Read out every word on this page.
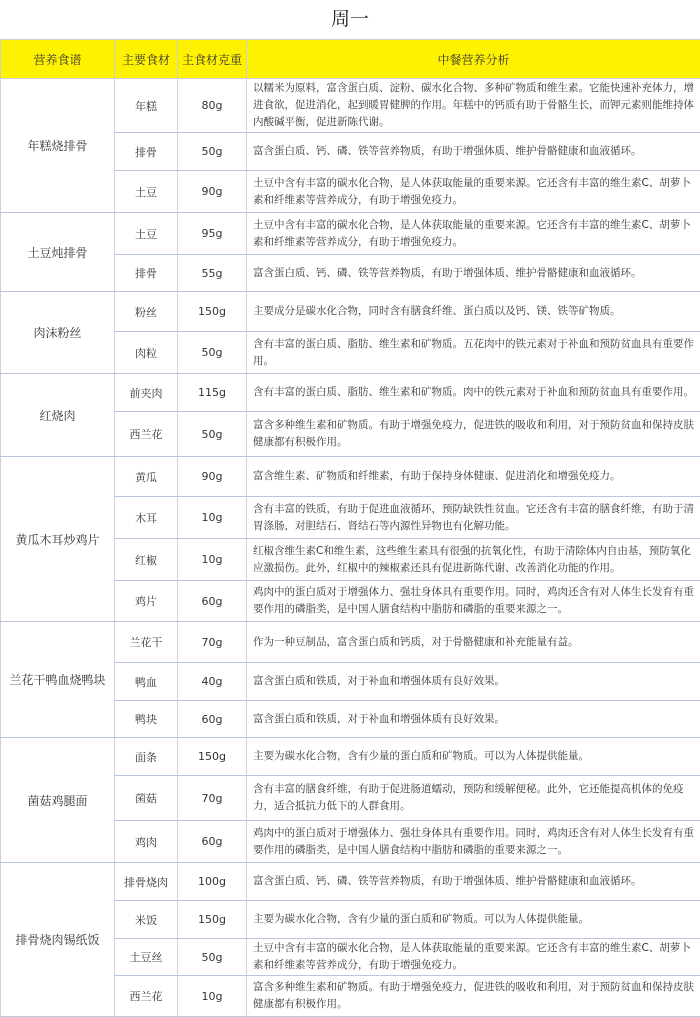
周一
营养食谱	主要食材	主食材克重	中餐营养分析
年糕烧排骨	年糕	80g	以糯米为原料，富含蛋白质、淀粉、碳水化合物、多种矿物质和维生素。它能快速补充体力，增进食欲，促进消化，起到暖胃健脾的作用。年糕中的钙质有助于骨骼生长，而钾元素则能维持体内酸碱平衡，促进新陈代谢。
	排骨	50g	富含蛋白质、钙、磷、铁等营养物质，有助于增强体质、维护骨骼健康和血液循环。
	土豆	90g	土豆中含有丰富的碳水化合物，是人体获取能量的重要来源。它还含有丰富的维生素C、胡萝卜素和纤维素等营养成分，有助于增强免疫力。
土豆炖排骨	土豆	95g	土豆中含有丰富的碳水化合物，是人体获取能量的重要来源。它还含有丰富的维生素C、胡萝卜素和纤维素等营养成分，有助于增强免疫力。
	排骨	55g	富含蛋白质、钙、磷、铁等营养物质，有助于增强体质、维护骨骼健康和血液循环。
肉沫粉丝	粉丝	150g	主要成分是碳水化合物，同时含有膳食纤维、蛋白质以及钙、镁、铁等矿物质。
	肉粒	50g	含有丰富的蛋白质、脂肪、维生素和矿物质。五花肉中的铁元素对于补血和预防贫血具有重要作用。
红烧肉	前夹肉	115g	含有丰富的蛋白质、脂肪、维生素和矿物质。肉中的铁元素对于补血和预防贫血具有重要作用。
	西兰花	50g	富含多种维生素和矿物质。有助于增强免疫力，促进铁的吸收和利用，对于预防贫血和保持皮肤健康都有积极作用。
黄瓜木耳炒鸡片	黄瓜	90g	富含维生素、矿物质和纤维素，有助于保持身体健康、促进消化和增强免疫力。
	木耳	10g	含有丰富的铁质，有助于促进血液循环，预防缺铁性贫血。它还含有丰富的膳食纤维，有助于清胃涤肠，对胆结石、肾结石等内源性异物也有化解功能。
	红椒	10g	红椒含维生素C和维生素，这些维生素具有很强的抗氧化性，有助于清除体内自由基，预防氧化应激损伤。此外，红椒中的辣椒素还具有促进新陈代谢、改善消化功能的作用。
	鸡片	60g	鸡肉中的蛋白质对于增强体力、强壮身体具有重要作用。同时，鸡肉还含有对人体生长发育有重要作用的磷脂类，是中国人膳食结构中脂肪和磷脂的重要来源之一。
兰花干鸭血烧鸭块	兰花干	70g	作为一种豆制品，富含蛋白质和钙质，对于骨骼健康和补充能量有益。
	鸭血	40g	富含蛋白质和铁质，对于补血和增强体质有良好效果。
	鸭块	60g	富含蛋白质和铁质，对于补血和增强体质有良好效果。
菌菇鸡腿面	面条	150g	主要为碳水化合物，含有少量的蛋白质和矿物质。可以为人体提供能量。
	菌菇	70g	含有丰富的膳食纤维，有助于促进肠道蠕动，预防和缓解便秘。此外，它还能提高机体的免疫力，适合抵抗力低下的人群食用。
	鸡肉	60g	鸡肉中的蛋白质对于增强体力、强壮身体具有重要作用。同时，鸡肉还含有对人体生长发育有重要作用的磷脂类，是中国人膳食结构中脂肪和磷脂的重要来源之一。
排骨烧肉锡纸饭	排骨烧肉	100g	富含蛋白质、钙、磷、铁等营养物质，有助于增强体质、维护骨骼健康和血液循环。
	米饭	150g	主要为碳水化合物，含有少量的蛋白质和矿物质。可以为人体提供能量。
	土豆丝	50g	土豆中含有丰富的碳水化合物，是人体获取能量的重要来源。它还含有丰富的维生素C、胡萝卜素和纤维素等营养成分，有助于增强免疫力。
	西兰花	10g	富含多种维生素和矿物质。有助于增强免疫力，促进铁的吸收和利用，对于预防贫血和保持皮肤健康都有积极作用。
